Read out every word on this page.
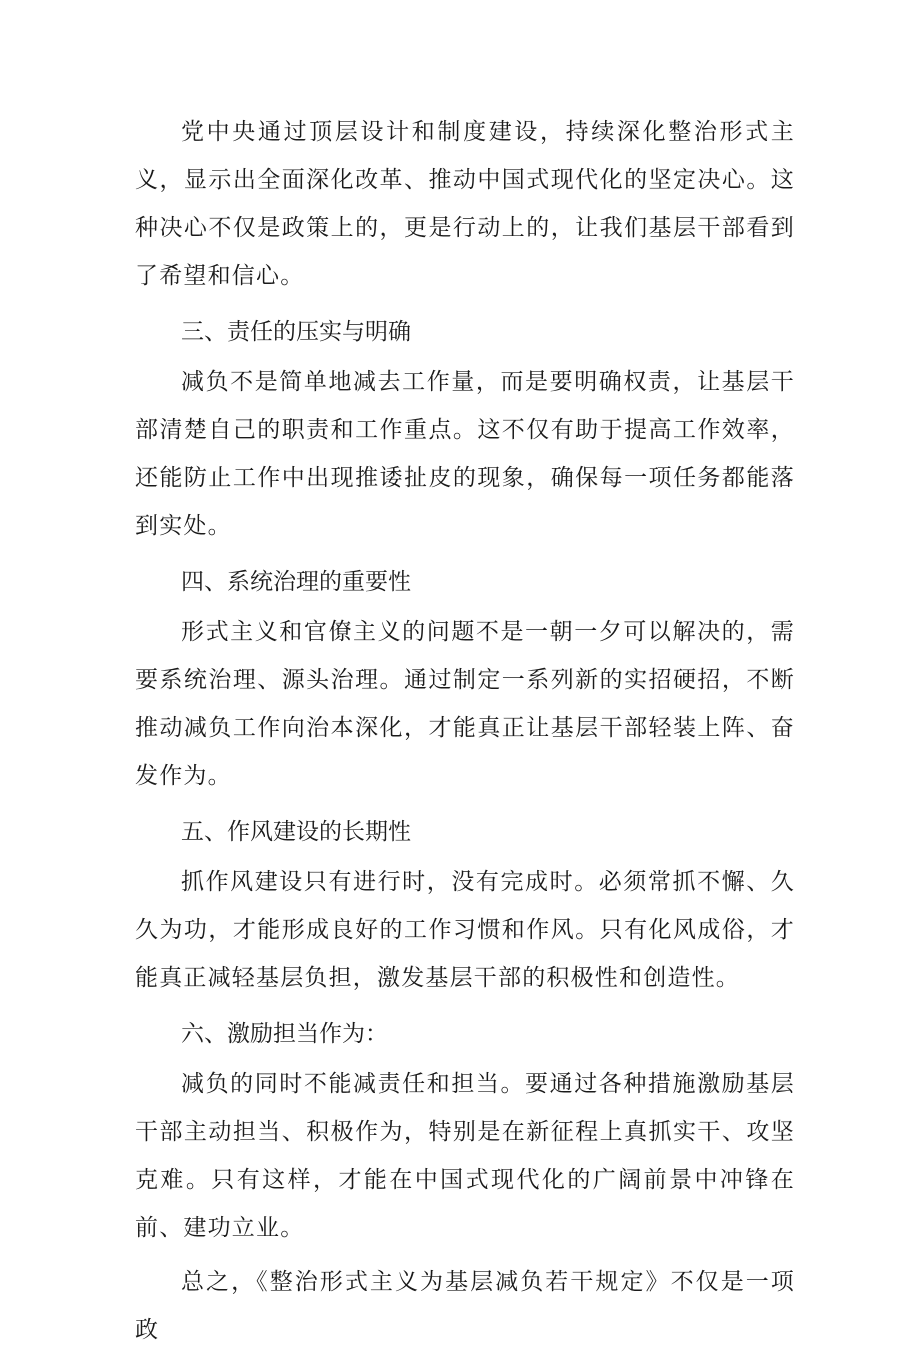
党中央通过顶层设计和制度建设，持续深化整治形式主义，显示出全面深化改革、推动中国式现代化的坚定决心。这种决心不仅是政策上的，更是行动上的，让我们基层干部看到了希望和信心。

三、责任的压实与明确

减负不是简单地减去工作量，而是要明确权责，让基层干部清楚自己的职责和工作重点。这不仅有助于提高工作效率，还能防止工作中出现推诿扯皮的现象，确保每一项任务都能落到实处。

四、系统治理的重要性

形式主义和官僚主义的问题不是一朝一夕可以解决的，需要系统治理、源头治理。通过制定一系列新的实招硬招，不断推动减负工作向治本深化，才能真正让基层干部轻装上阵、奋发作为。

五、作风建设的长期性

抓作风建设只有进行时，没有完成时。必须常抓不懈、久久为功，才能形成良好的工作习惯和作风。只有化风成俗，才能真正减轻基层负担，激发基层干部的积极性和创造性。

六、激励担当作为：

减负的同时不能减责任和担当。要通过各种措施激励基层干部主动担当、积极作为，特别是在新征程上真抓实干、攻坚克难。只有这样，才能在中国式现代化的广阔前景中冲锋在前、建功立业。

总之，《整治形式主义为基层减负若干规定》不仅是一项政
